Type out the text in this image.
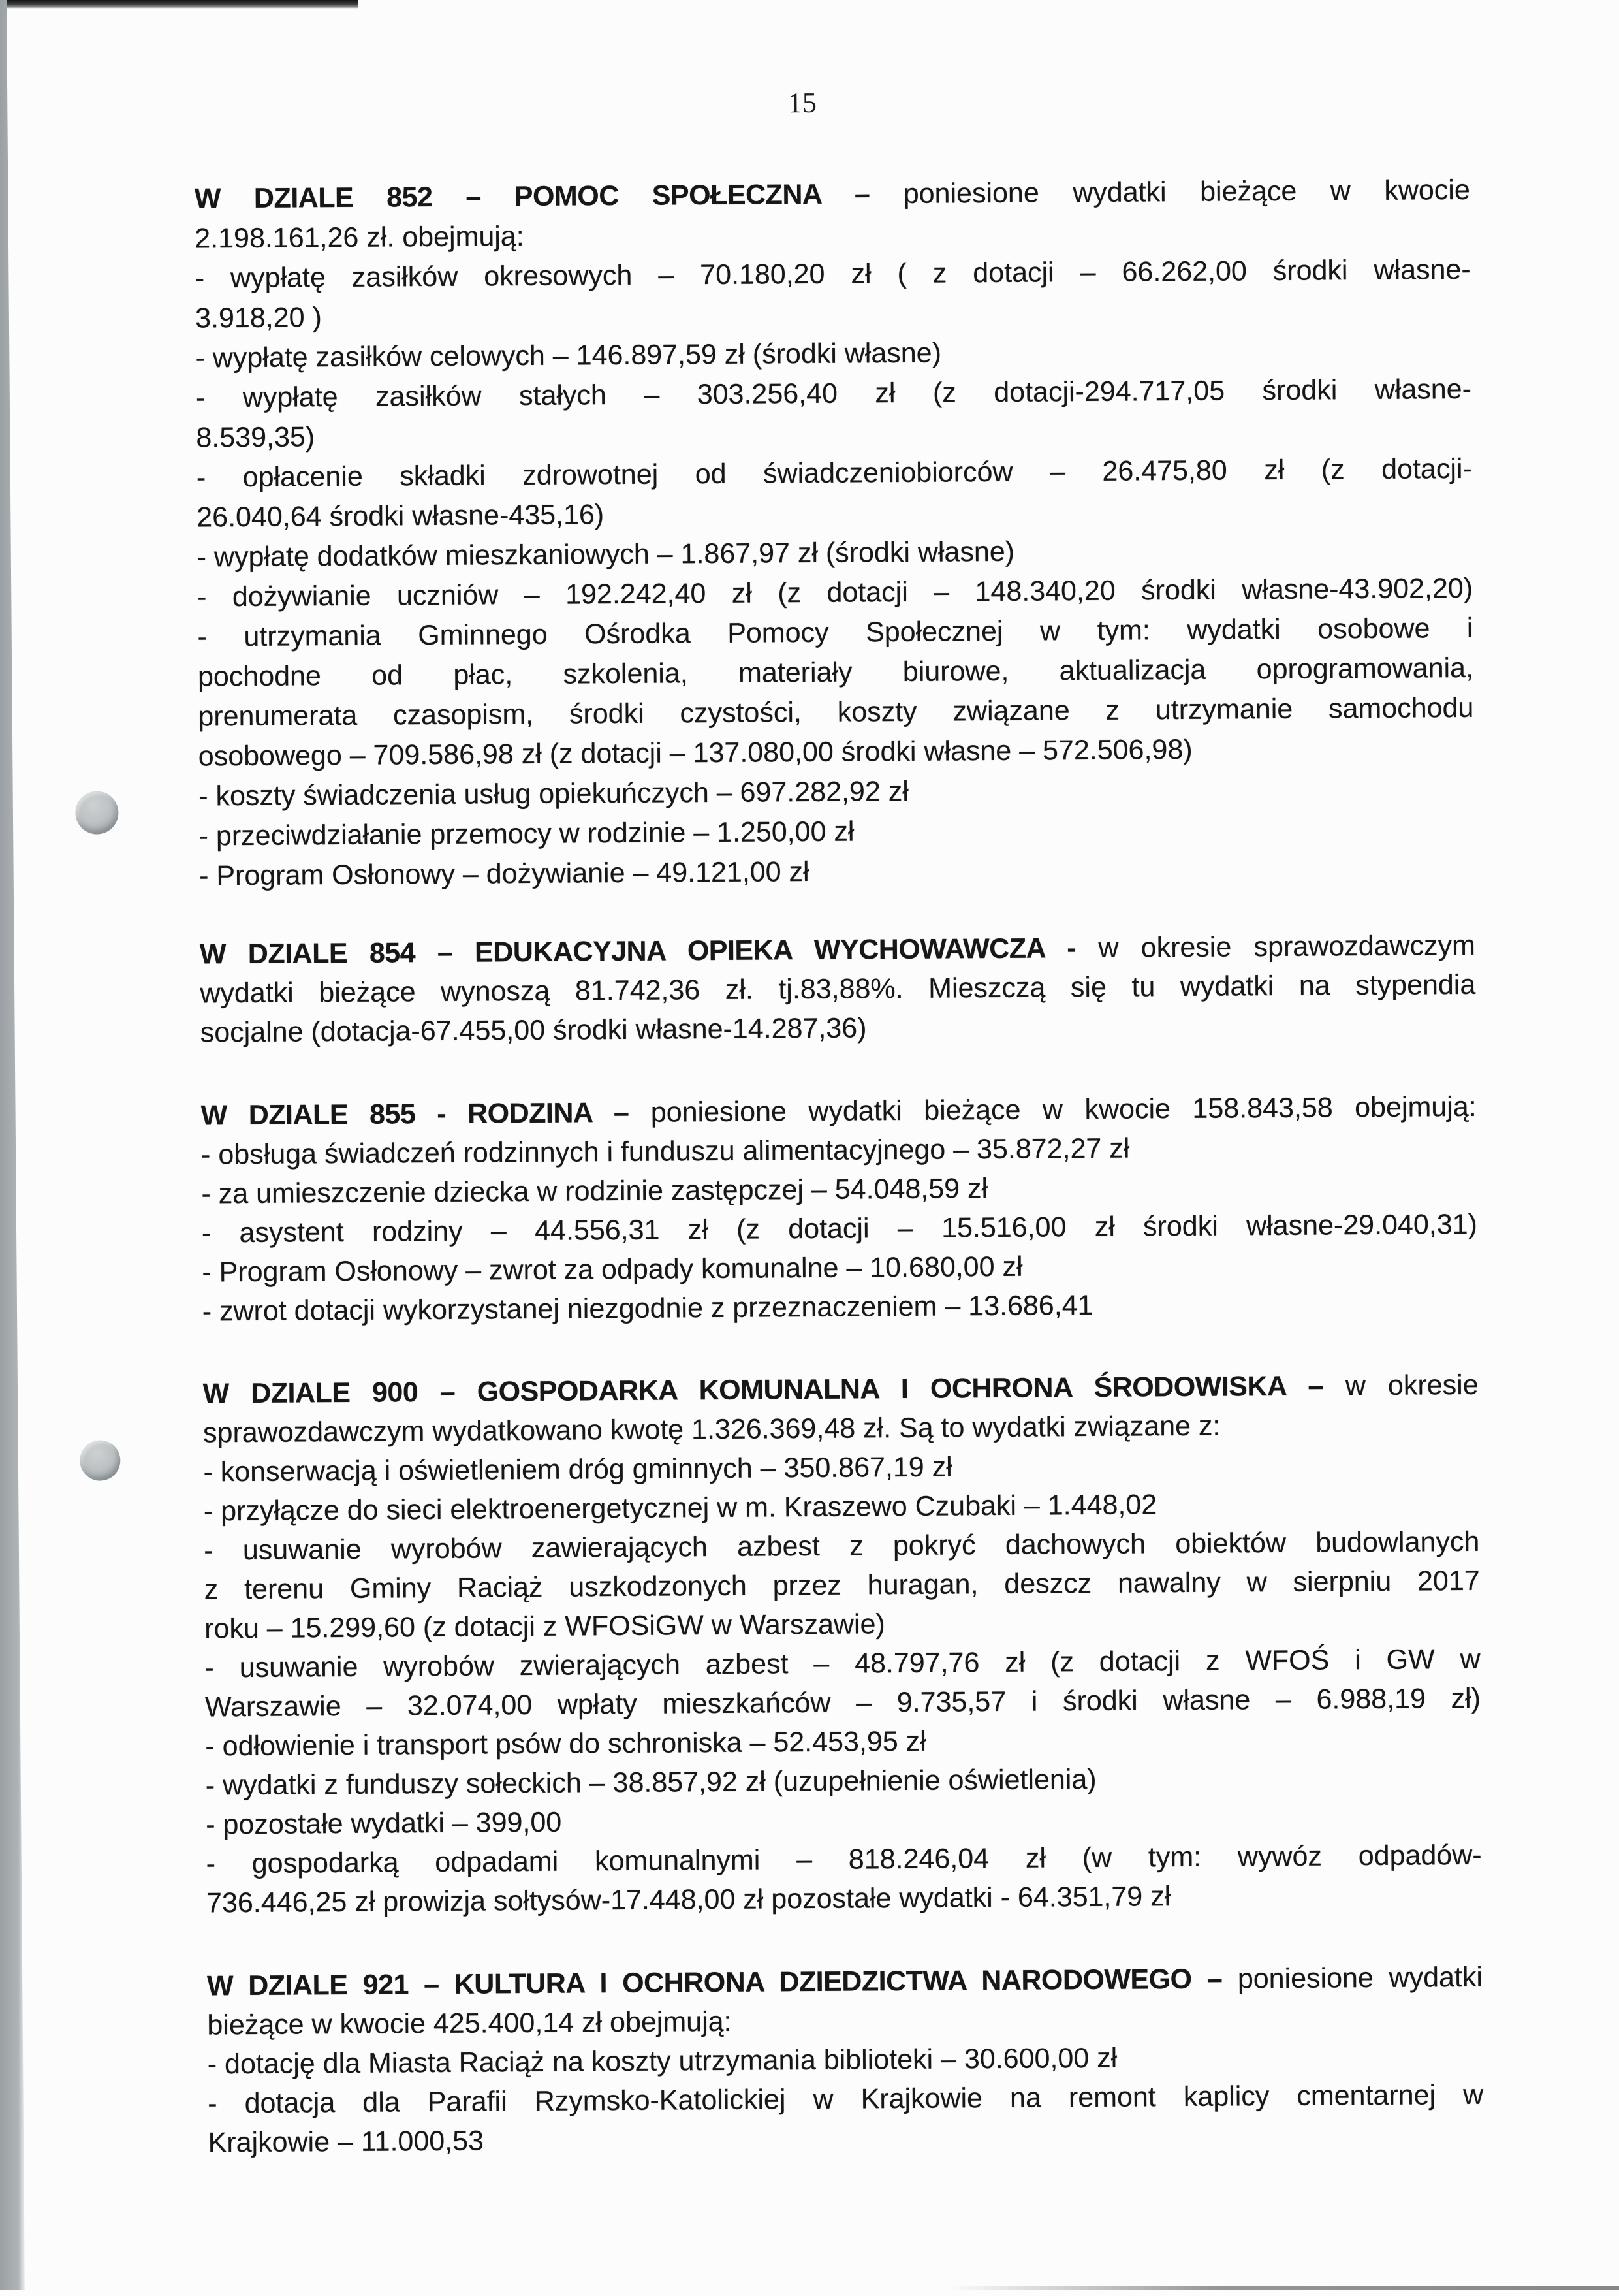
15
W DZIALE 852 – POMOC SPOŁECZNA – poniesione wydatki bieżące w kwocie
2.198.161,26 zł. obejmują:
- wypłatę zasiłków okresowych – 70.180,20 zł ( z dotacji – 66.262,00 środki własne-
3.918,20 )
- wypłatę zasiłków celowych – 146.897,59 zł (środki własne)
- wypłatę zasiłków stałych – 303.256,40 zł (z dotacji-294.717,05 środki własne-
8.539,35)
- opłacenie składki zdrowotnej od świadczeniobiorców – 26.475,80 zł (z dotacji-
26.040,64 środki własne-435,16)
- wypłatę dodatków mieszkaniowych – 1.867,97 zł (środki własne)
- dożywianie uczniów – 192.242,40 zł (z dotacji – 148.340,20 środki własne-43.902,20)
- utrzymania Gminnego Ośrodka Pomocy Społecznej w tym: wydatki osobowe i
pochodne od płac, szkolenia, materiały biurowe, aktualizacja oprogramowania,
prenumerata czasopism, środki czystości, koszty związane z utrzymanie samochodu
osobowego – 709.586,98 zł (z dotacji – 137.080,00 środki własne – 572.506,98)
- koszty świadczenia usług opiekuńczych – 697.282,92 zł
- przeciwdziałanie przemocy w rodzinie – 1.250,00 zł
- Program Osłonowy – dożywianie – 49.121,00 zł
W DZIALE 854 – EDUKACYJNA OPIEKA WYCHOWAWCZA - w okresie sprawozdawczym
wydatki bieżące wynoszą 81.742,36 zł. tj.83,88%. Mieszczą się tu wydatki na stypendia
socjalne (dotacja-67.455,00 środki własne-14.287,36)
W DZIALE 855 - RODZINA – poniesione wydatki bieżące w kwocie 158.843,58 obejmują:
- obsługa świadczeń rodzinnych i funduszu alimentacyjnego – 35.872,27 zł
- za umieszczenie dziecka w rodzinie zastępczej – 54.048,59 zł
- asystent rodziny – 44.556,31 zł (z dotacji – 15.516,00 zł środki własne-29.040,31)
- Program Osłonowy – zwrot za odpady komunalne – 10.680,00 zł
- zwrot dotacji wykorzystanej niezgodnie z przeznaczeniem – 13.686,41
W DZIALE 900 – GOSPODARKA KOMUNALNA I OCHRONA ŚRODOWISKA – w okresie
sprawozdawczym wydatkowano kwotę 1.326.369,48 zł. Są to wydatki związane z:
- konserwacją i oświetleniem dróg gminnych – 350.867,19 zł
- przyłącze do sieci elektroenergetycznej w m. Kraszewo Czubaki – 1.448,02
- usuwanie wyrobów zawierających azbest z pokryć dachowych obiektów budowlanych
z terenu Gminy Raciąż uszkodzonych przez huragan, deszcz nawalny w sierpniu 2017
roku – 15.299,60 (z dotacji z WFOSiGW w Warszawie)
- usuwanie wyrobów zwierających azbest – 48.797,76 zł (z dotacji z WFOŚ i GW w
Warszawie – 32.074,00 wpłaty mieszkańców – 9.735,57 i środki własne – 6.988,19 zł)
- odłowienie i transport psów do schroniska – 52.453,95 zł
- wydatki z funduszy sołeckich – 38.857,92 zł (uzupełnienie oświetlenia)
- pozostałe wydatki – 399,00
- gospodarką odpadami komunalnymi – 818.246,04 zł (w tym: wywóz odpadów-
736.446,25 zł prowizja sołtysów-17.448,00 zł pozostałe wydatki - 64.351,79 zł
W DZIALE 921 – KULTURA I OCHRONA DZIEDZICTWA NARODOWEGO – poniesione wydatki
bieżące w kwocie 425.400,14 zł obejmują:
- dotację dla Miasta Raciąż na koszty utrzymania biblioteki – 30.600,00 zł
- dotacja dla Parafii Rzymsko-Katolickiej w Krajkowie na remont kaplicy cmentarnej w
Krajkowie – 11.000,53
